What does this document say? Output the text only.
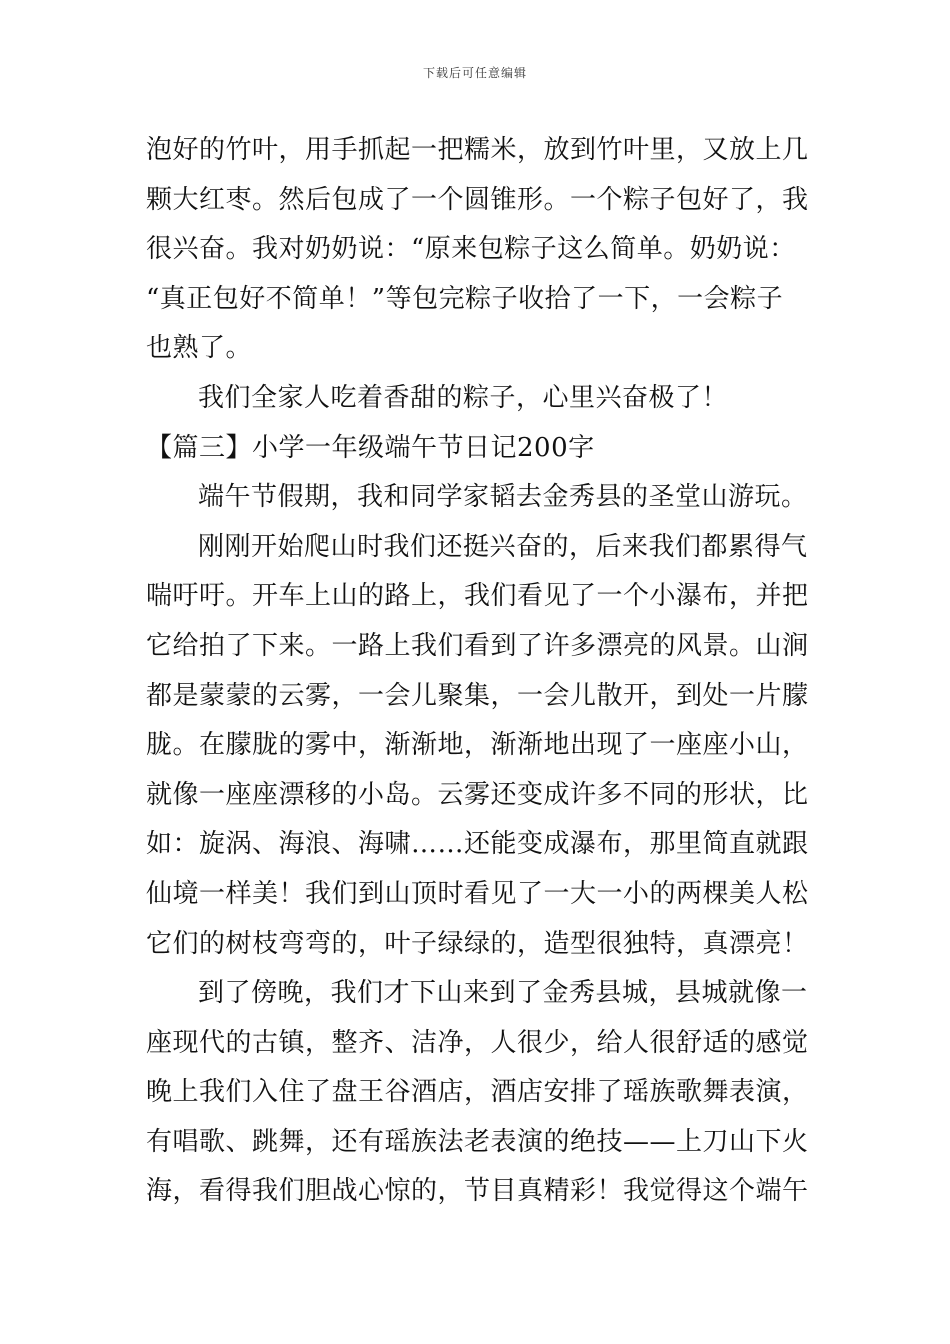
下载后可任意编辑
泡好的竹叶，用手抓起一把糯米，放到竹叶里，又放上几
颗大红枣。然后包成了一个圆锥形。一个粽子包好了，我
很兴奋。我对奶奶说：“原来包粽子这么简单。奶奶说：
“真正包好不简单！”等包完粽子收拾了一下，一会粽子
也熟了。
我们全家人吃着香甜的粽子，心里兴奋极了！
【篇三】小学一年级端午节日记200字
端午节假期，我和同学家韬去金秀县的圣堂山游玩。
刚刚开始爬山时我们还挺兴奋的，后来我们都累得气
喘吁吁。开车上山的路上，我们看见了一个小瀑布，并把
它给拍了下来。一路上我们看到了许多漂亮的风景。山涧
都是蒙蒙的云雾，一会儿聚集，一会儿散开，到处一片朦
胧。在朦胧的雾中，渐渐地，渐渐地出现了一座座小山，
就像一座座漂移的小岛。云雾还变成许多不同的形状，比
如：旋涡、海浪、海啸……还能变成瀑布，那里简直就跟
仙境一样美！我们到山顶时看见了一大一小的两棵美人松
它们的树枝弯弯的，叶子绿绿的，造型很独特，真漂亮！
到了傍晚，我们才下山来到了金秀县城，县城就像一
座现代的古镇，整齐、洁净，人很少，给人很舒适的感觉
晚上我们入住了盘王谷酒店，酒店安排了瑶族歌舞表演，
有唱歌、跳舞，还有瑶族法老表演的绝技——上刀山下火
海，看得我们胆战心惊的，节目真精彩！我觉得这个端午
